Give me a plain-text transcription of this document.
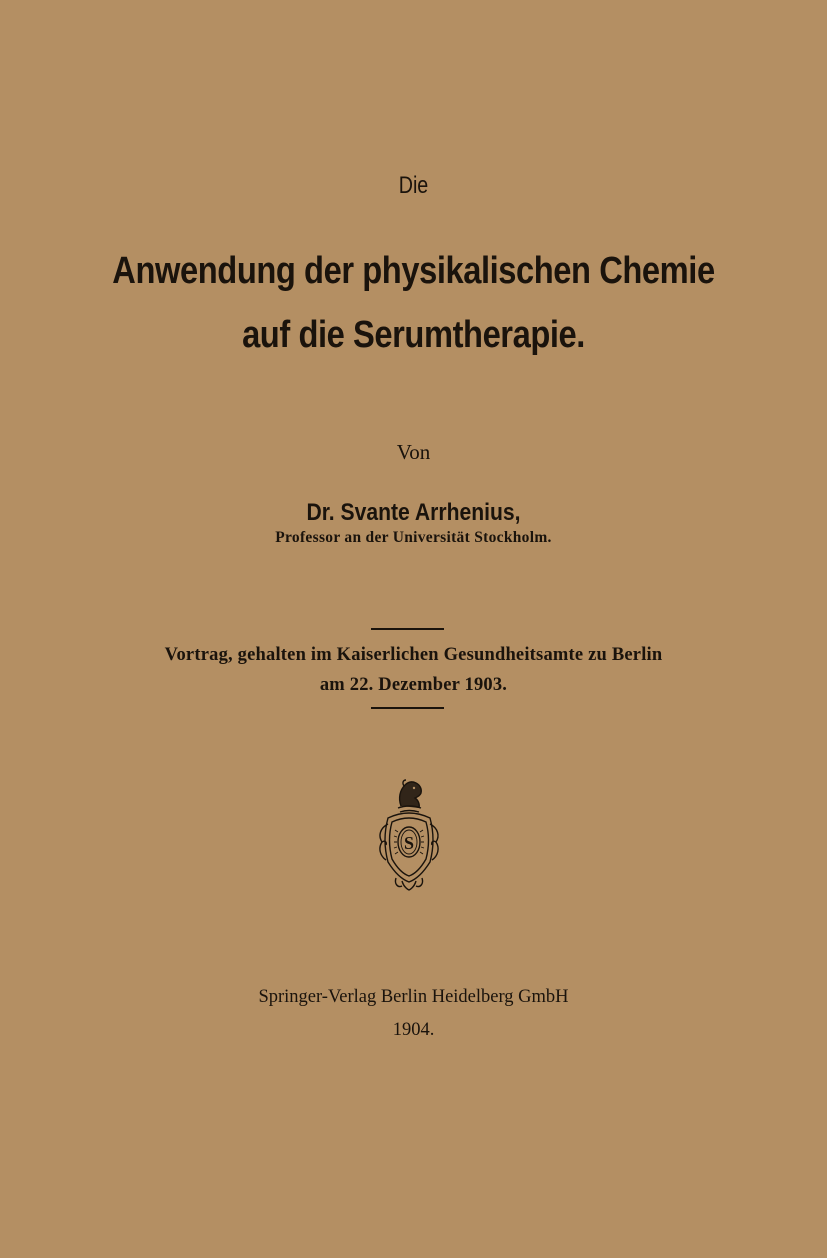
Die
Anwendung der physikalischen Chemie
auf die Serumtherapie.
Von
Dr. Svante Arrhenius,
Professor an der Universität Stockholm.
Vortrag, gehalten im Kaiserlichen Gesundheitsamte zu Berlin
am 22. Dezember 1903.
S
Springer-Verlag Berlin Heidelberg GmbH
1904.
